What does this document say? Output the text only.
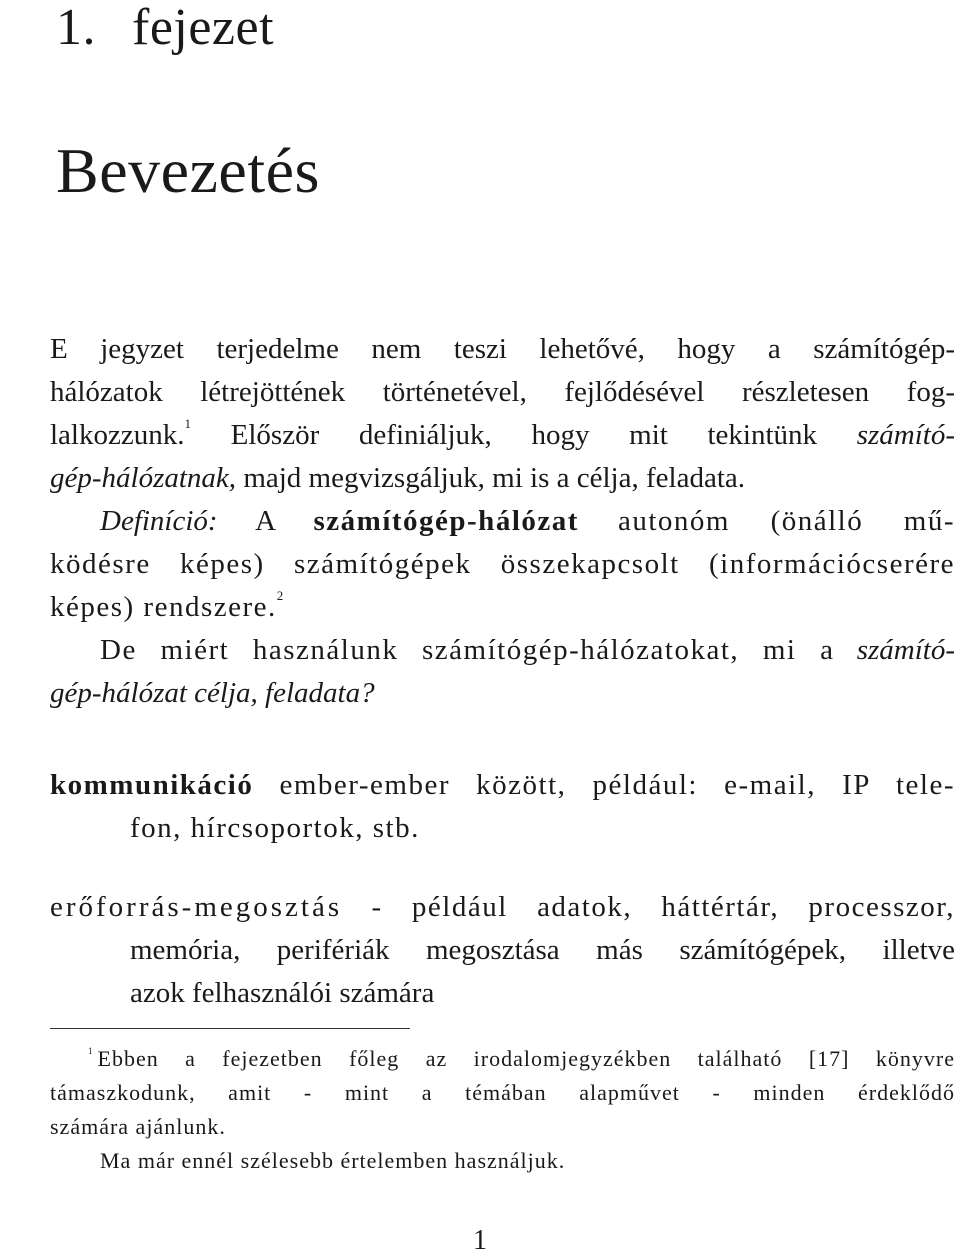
1. fejezet
Bevezetés
E jegyzet terjedelme nem teszi lehetővé, hogy a számítógép-
hálózatok létrejöttének történetével, fejlődésével részletesen fog-
lalkozzunk.$^1$ Először definiáljuk, hogy mit tekintünk számító-
gép-hálózatnak, majd megvizsgáljuk, mi is a célja, feladata.
Definíció: A számítógép-hálózat autonóm (önálló mű-
ködésre képes) számítógépek összekapcsolt (információcserére
képes) rendszere.$^2$
De miért használunk számítógép-hálózatokat, mi a számító-
gép-hálózat célja, feladata?
kommunikáció ember-ember között, például: e-mail, IP tele-
fon, hírcsoportok, stb.
erőforrás-megosztás - például adatok, háttértár, processzor,
memória, perifériák megosztása más számítógépek, illetve
azok felhasználói számára
$^1$ Ebben a fejezetben főleg az irodalomjegyzékben található [17] könyvre
támaszkodunk, amit - mint a témában alapművet - minden érdeklődő
számára ajánlunk.
Ma már ennél szélesebb értelemben használjuk.
1
